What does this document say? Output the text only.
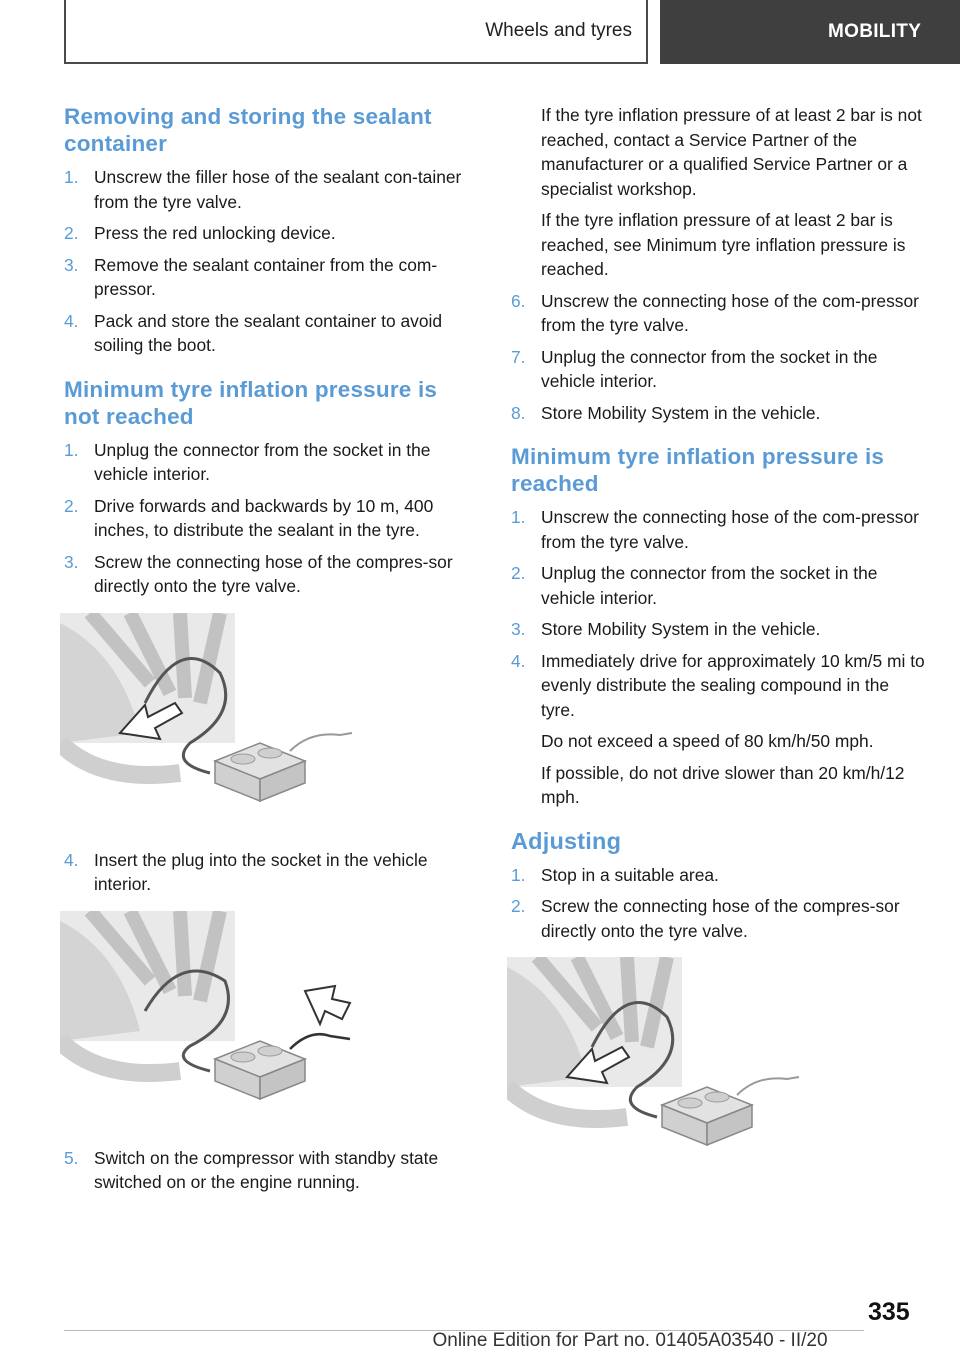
Wheels and tyres	MOBILITY
Removing and storing the sealant container
1. Unscrew the filler hose of the sealant con-tainer from the tyre valve.
2. Press the red unlocking device.
3. Remove the sealant container from the com-pressor.
4. Pack and store the sealant container to avoid soiling the boot.
Minimum tyre inflation pressure is not reached
1. Unplug the connector from the socket in the vehicle interior.
2. Drive forwards and backwards by 10 m, 400 inches, to distribute the sealant in the tyre.
3. Screw the connecting hose of the compres-sor directly onto the tyre valve.
4. Insert the plug into the socket in the vehicle interior.
5. Switch on the compressor with standby state switched on or the engine running.

If the tyre inflation pressure of at least 2 bar is not reached, contact a Service Partner of the manufacturer or a qualified Service Partner or a specialist workshop.

If the tyre inflation pressure of at least 2 bar is reached, see Minimum tyre inflation pressure is reached.

6. Unscrew the connecting hose of the com-pressor from the tyre valve.
7. Unplug the connector from the socket in the vehicle interior.
8. Store Mobility System in the vehicle.
Minimum tyre inflation pressure is reached
1. Unscrew the connecting hose of the com-pressor from the tyre valve.
2. Unplug the connector from the socket in the vehicle interior.
3. Store Mobility System in the vehicle.
4. Immediately drive for approximately 10 km/5 mi to evenly distribute the sealing compound in the tyre.

Do not exceed a speed of 80 km/h/50 mph.

If possible, do not drive slower than 20 km/h/12 mph.

Adjusting
1. Stop in a suitable area.
2. Screw the connecting hose of the compres-sor directly onto the tyre valve.
335
Online Edition for Part no. 01405A03540 - II/20
